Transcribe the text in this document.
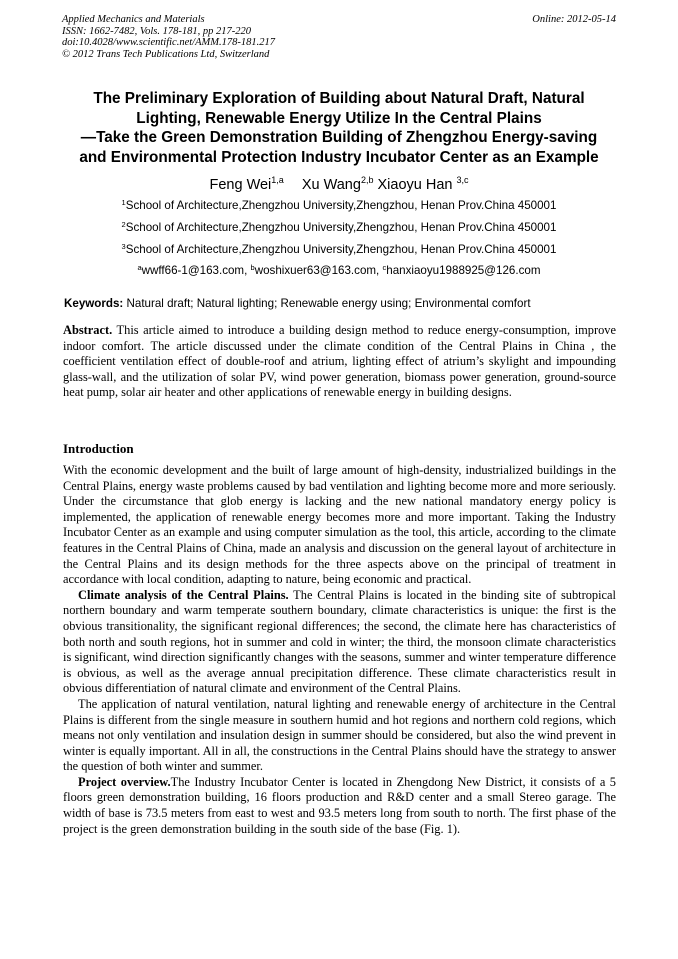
Applied Mechanics and Materials
ISSN: 1662-7482, Vols. 178-181, pp 217-220
doi:10.4028/www.scientific.net/AMM.178-181.217
© 2012 Trans Tech Publications Ltd, Switzerland
Online: 2012-05-14
The Preliminary Exploration of Building about Natural Draft, Natural
Lighting, Renewable Energy Utilize In the Central Plains
—Take the Green Demonstration Building of Zhengzhou Energy-saving
and Environmental Protection Industry Incubator Center as an Example
Feng Wei$^{1,a}$ Xu Wang$^{2,b}$ Xiaoyu Han $^{3,c}$
$^1$School of Architecture,Zhengzhou University,Zhengzhou, Henan Prov.China 450001
$^2$School of Architecture,Zhengzhou University,Zhengzhou, Henan Prov.China 450001
$^3$School of Architecture,Zhengzhou University,Zhengzhou, Henan Prov.China 450001
$^a$wwff66-1@163.com, $^b$woshixuer63@163.com, $^c$hanxiaoyu1988925@126.com
Keywords: Natural draft; Natural lighting; Renewable energy using; Environmental comfort

Abstract. This article aimed to introduce a building design method to reduce energy-consumption, improve indoor comfort. The article discussed under the climate condition of the Central Plains in China , the coefficient ventilation effect of double-roof and atrium, lighting effect of atrium’s skylight and impounding glass-wall, and the utilization of solar PV, wind power generation, biomass power generation, ground-source heat pump, solar air heater and other applications of renewable energy in building designs.

Introduction

With the economic development and the built of large amount of high-density, industrialized buildings in the Central Plains, energy waste problems caused by bad ventilation and lighting become more and more seriously. Under the circumstance that glob energy is lacking and the new national mandatory energy policy is implemented, the application of renewable energy becomes more and more important. Taking the Industry Incubator Center as an example and using computer simulation as the tool, this article, according to the climate features in the Central Plains of China, made an analysis and discussion on the general layout of architecture in the Central Plains and its design methods for the three aspects above on the principal of treatment in accordance with local condition, adapting to nature, being economic and practical.

Climate analysis of the Central Plains. The Central Plains is located in the binding site of subtropical northern boundary and warm temperate southern boundary, climate characteristics is unique: the first is the obvious transitionality, the significant regional differences; the second, the climate here has characteristics of both north and south regions, hot in summer and cold in winter; the third, the monsoon climate characteristics is significant, wind direction significantly changes with the seasons, summer and winter temperature difference is obvious, as well as the average annual precipitation difference. These climate characteristics result in obvious differentiation of natural climate and environment of the Central Plains.

The application of natural ventilation, natural lighting and renewable energy of architecture in the Central Plains is different from the single measure in southern humid and hot regions and northern cold regions, which means not only ventilation and insulation design in summer should be considered, but also the wind prevent in winter is equally important. All in all, the constructions in the Central Plains should have the strategy to answer the question of both winter and summer.

Project overview.The Industry Incubator Center is located in Zhengdong New District, it consists of a 5 floors green demonstration building, 16 floors production and R&D center and a small Stereo garage. The width of base is 73.5 meters from east to west and 93.5 meters long from south to north. The first phase of the project is the green demonstration building in the south side of the base (Fig. 1).
